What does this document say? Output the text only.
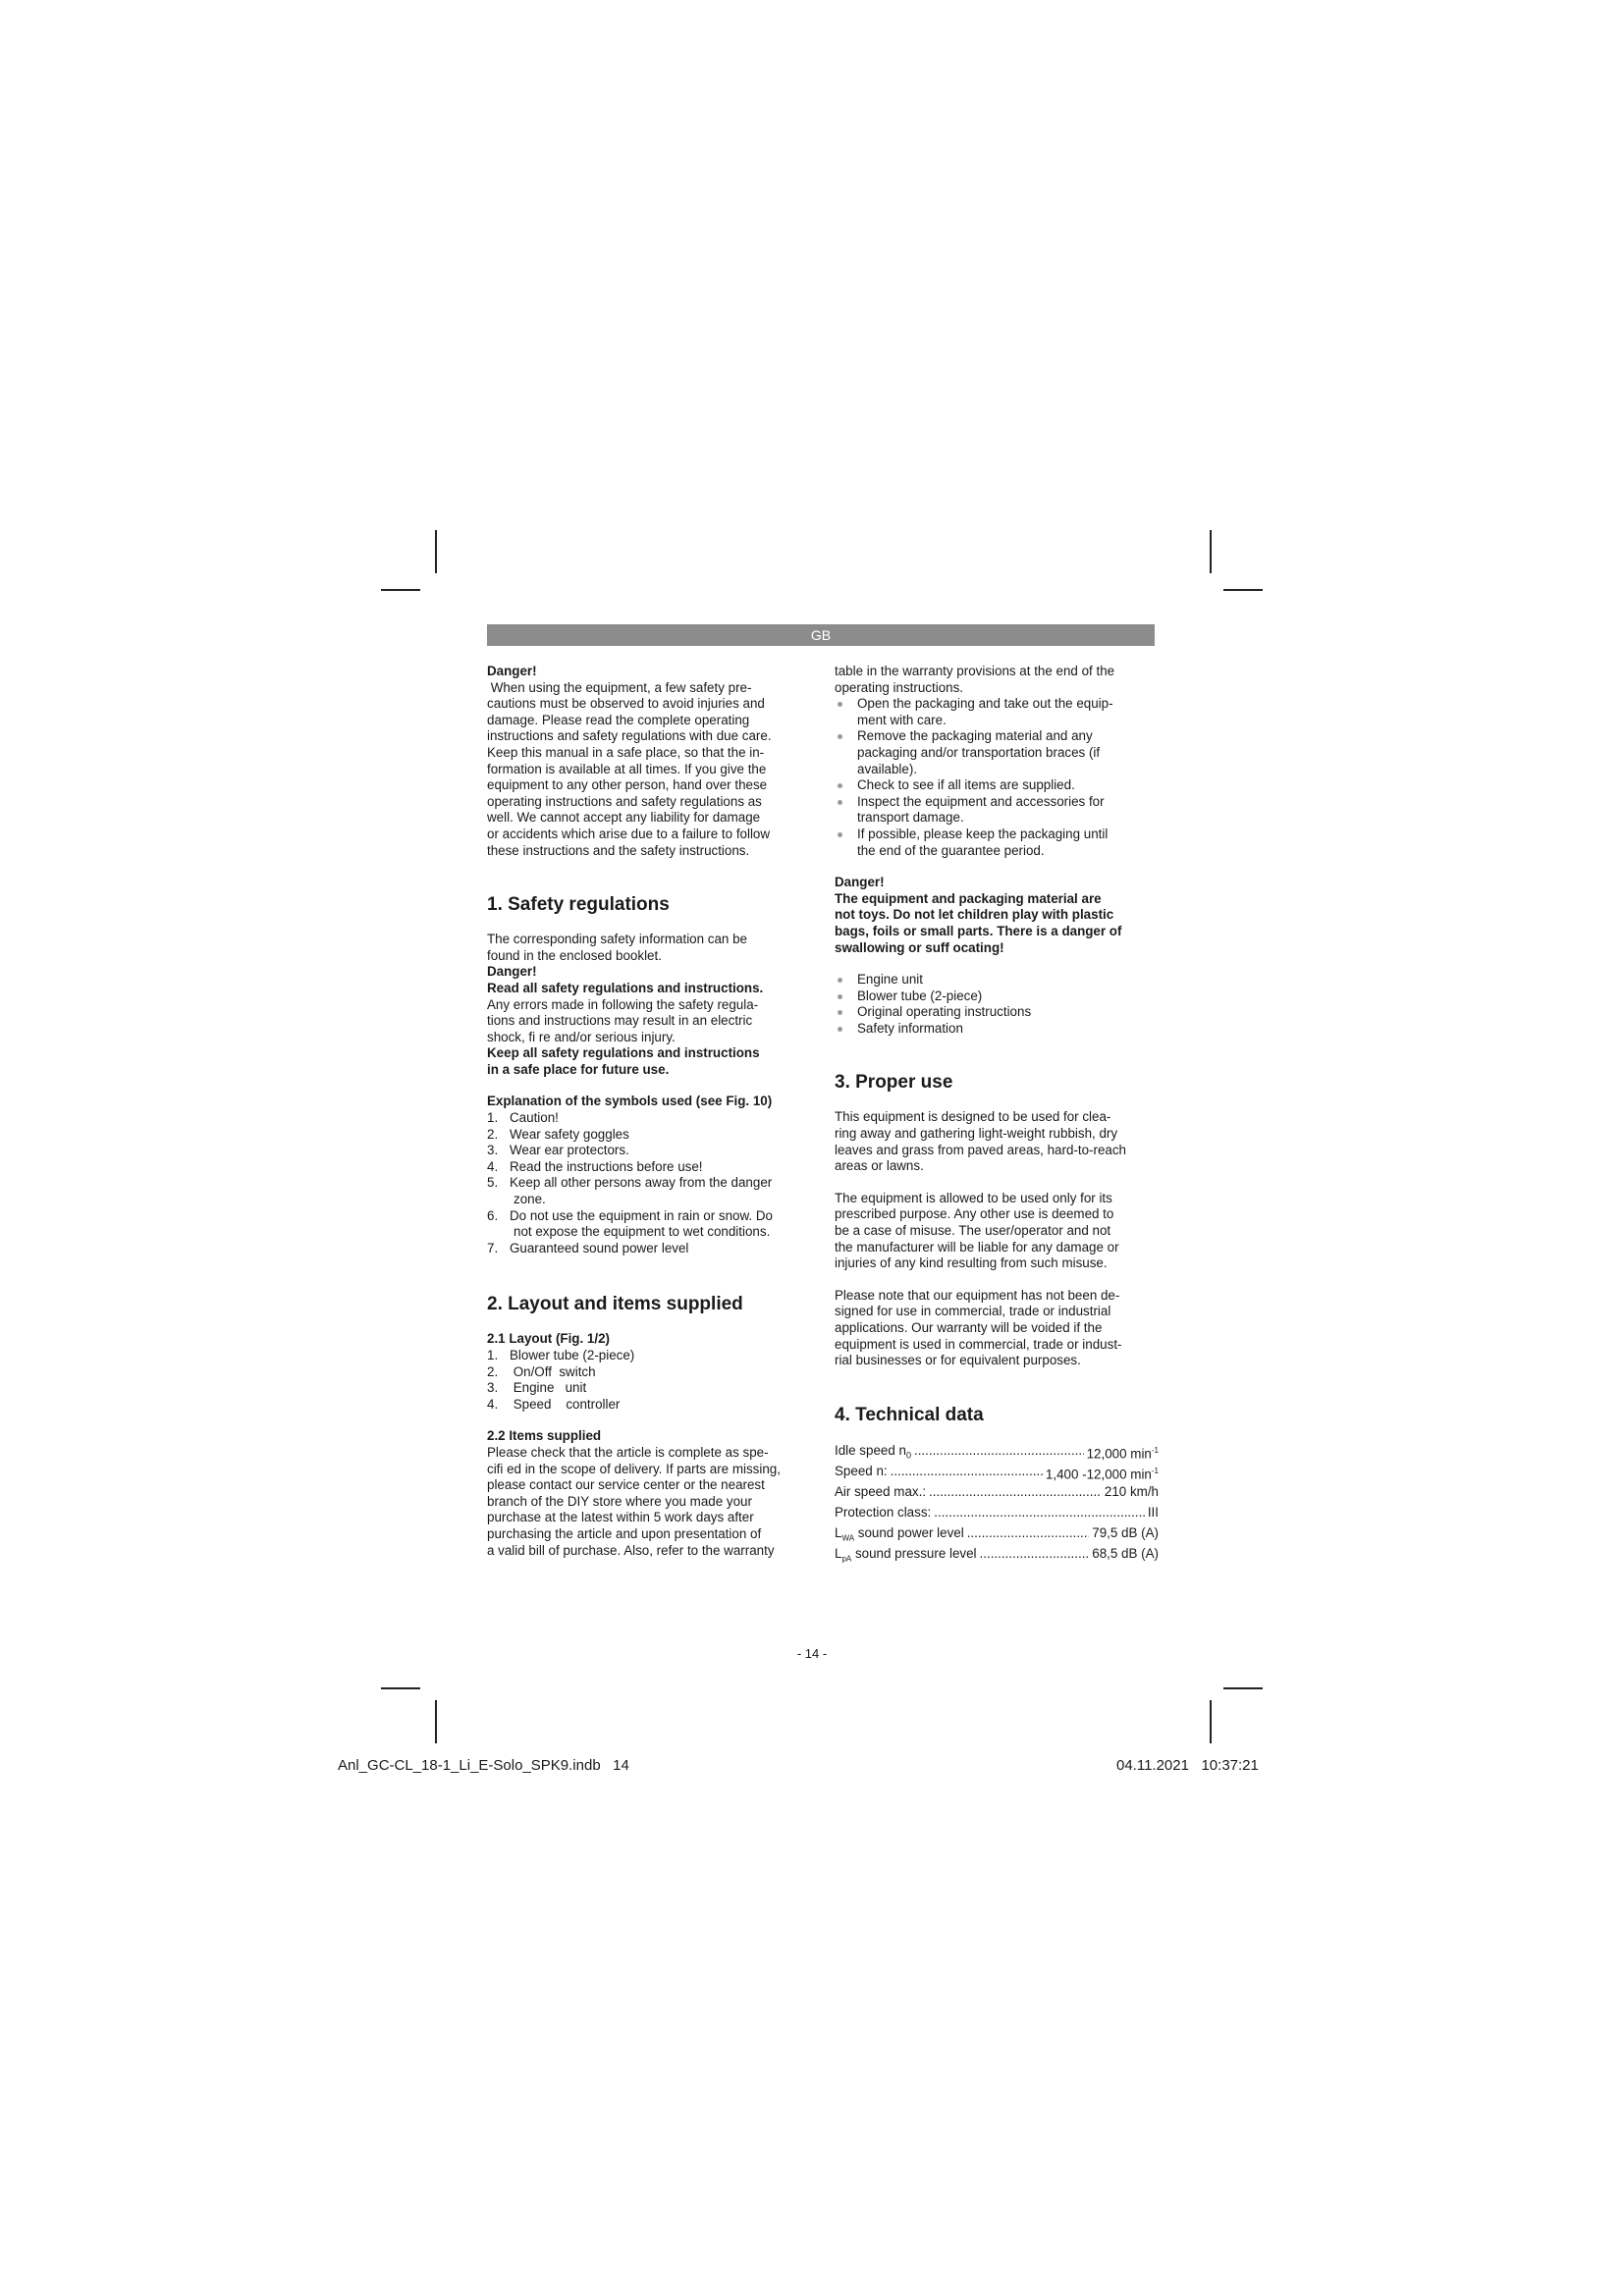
GB

Danger!

When using the equipment, a few safety pre-

cautions must be observed to avoid injuries and

damage. Please read the complete operating

instructions and safety regulations with due care.

Keep this manual in a safe place, so that the in-

formation is available at all times. If you give the

equipment to any other person, hand over these

operating instructions and safety regulations as

well. We cannot accept any liability for damage

or accidents which arise due to a failure to follow

these instructions and the safety instructions.

1. Safety regulations

The corresponding safety information can be

found in the enclosed booklet.

Danger!

Read all safety regulations and instructions.

Any errors made in following the safety regula-

tions and instructions may result in an electric

shock, fi re and/or serious injury.

Keep all safety regulations and instructions

in a safe place for future use.

Explanation of the symbols used (see Fig. 10)

1. Caution!
2. Wear safety goggles
3. Wear ear protectors.
4. Read the instructions before use!
5. Keep all other persons away from the danger
zone.
6. Do not use the equipment in rain or snow. Do
not expose the equipment to wet conditions.
7. Guaranteed sound power level

2. Layout and items supplied

2.1 Layout (Fig. 1/2)

1. Blower tube (2-piece)
2. On/Off  switch
3. Engine   unit
4. Speed    controller

2.2 Items supplied

Please check that the article is complete as spe-

cifi ed in the scope of delivery. If parts are missing,

please contact our service center or the nearest

branch of the DIY store where you made your

purchase at the latest within 5 work days after

purchasing the article and upon presentation of

a valid bill of purchase. Also, refer to the warranty

table in the warranty provisions at the end of the

operating instructions.

Open the packaging and take out the equip-
ment with care.
Remove the packaging material and any
packaging and/or transportation braces (if
available).
Check to see if all items are supplied.
Inspect the equipment and accessories for
transport damage.
If possible, please keep the packaging until
the end of the guarantee period.

Danger!

The equipment and packaging material are

not toys. Do not let children play with plastic

bags, foils or small parts. There is a danger of

swallowing or suff ocating!

Engine unit
Blower tube (2-piece)
Original operating instructions
Safety information

3. Proper use

This equipment is designed to be used for clea-

ring away and gathering light-weight rubbish, dry

leaves and grass from paved areas, hard-to-reach

areas or lawns.

The equipment is allowed to be used only for its

prescribed purpose. Any other use is deemed to

be a case of misuse. The user/operator and not

the manufacturer will be liable for any damage or

injuries of any kind resulting from such misuse.

Please note that our equipment has not been de-

signed for use in commercial, trade or industrial

applications. Our warranty will be voided if the

equipment is used in commercial, trade or indust-

rial businesses or for equivalent purposes.

4. Technical data

Idle speed $n_0$ .....	12,000 $\min^{-1}$
Speed n: .....	1,400 -12,000 $\min^{-1}$
Air speed max.: .....	210 km/h
Protection class: .....	III
$L_{WA}$ sound power level .....	79,5 dB (A)
$L_{pA}$ sound pressure level .....	68,5 dB (A)
- 14 -
Anl_GC-CL_18-1_Li_E-Solo_SPK9.indb   14	04.11.2021   10:37:21
